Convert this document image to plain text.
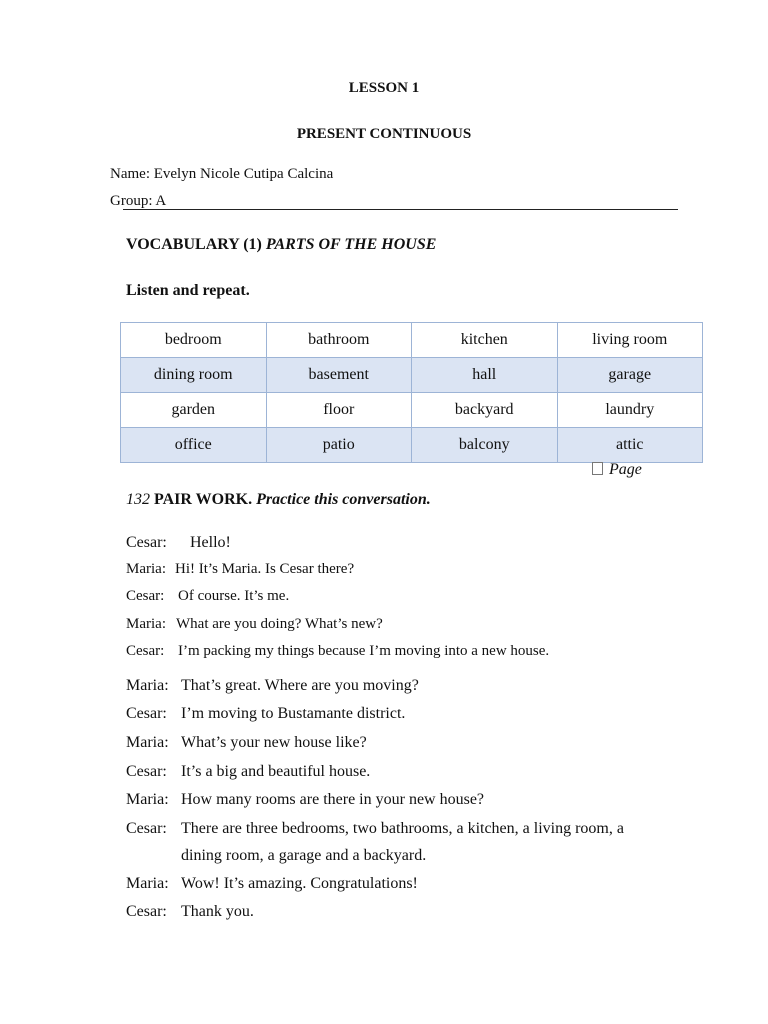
LESSON 1
PRESENT CONTINUOUS
Name: Evelyn Nicole Cutipa Calcina
Group: A
VOCABULARY (1) PARTS OF THE HOUSE
Listen and repeat.
bedroom	bathroom	kitchen	living room
dining room	basement	hall	garage
garden	floor	backyard	laundry
office	patio	balcony	attic
Page
132 PAIR WORK. Practice this conversation.
Cesar: Hello!
Maria: Hi! It’s Maria. Is Cesar there?
Cesar: Of course. It’s me.
Maria: What are you doing? What’s new?
Cesar: I’m packing my things because I’m moving into a new house.
Maria: That’s great. Where are you moving?
Cesar: I’m moving to Bustamante district.
Maria: What’s your new house like?
Cesar: It’s a big and beautiful house.
Maria: How many rooms are there in your new house?
Cesar: There are three bedrooms, two bathrooms, a kitchen, a living room, a
dining room, a garage and a backyard.
Maria: Wow! It’s amazing. Congratulations!
Cesar: Thank you.
